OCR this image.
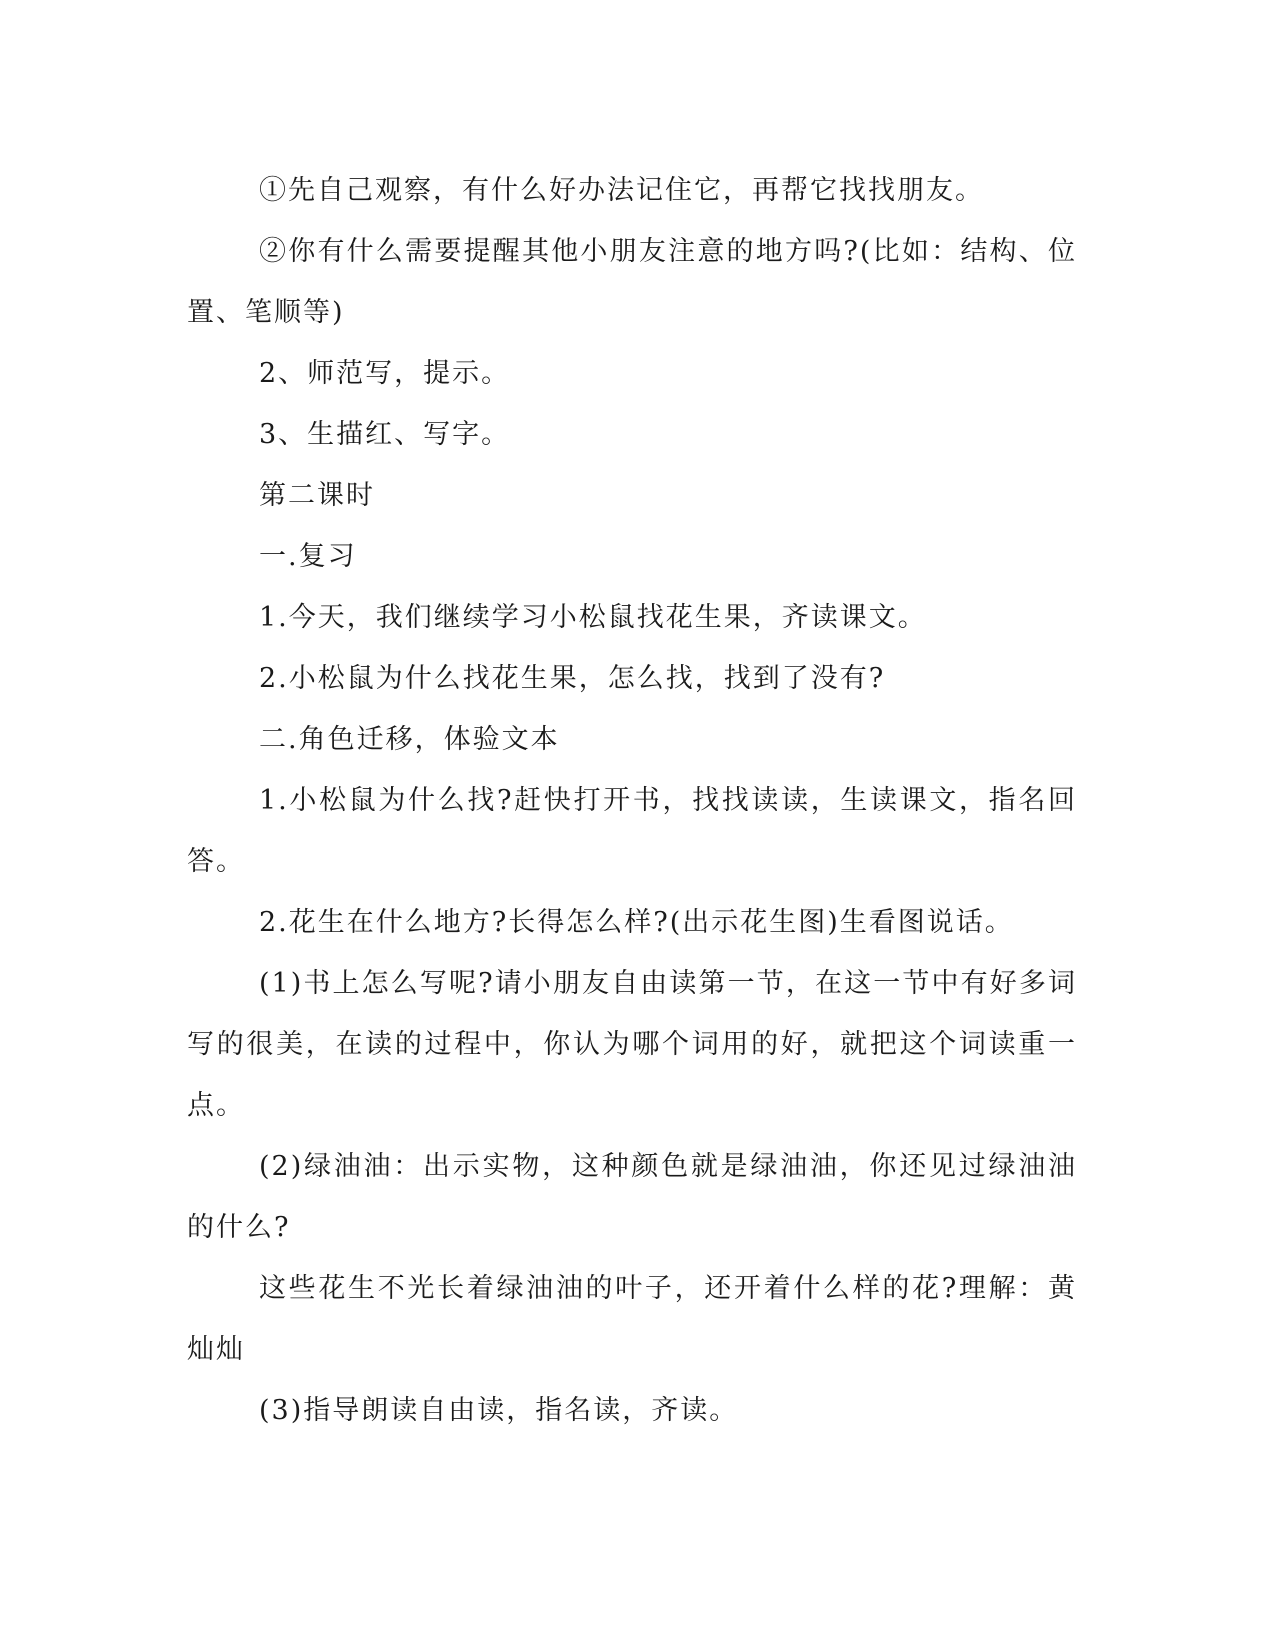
①先自己观察，有什么好办法记住它，再帮它找找朋友。

②你有什么需要提醒其他小朋友注意的地方吗?(比如：结构、位置、笔顺等)

2、师范写，提示。

3、生描红、写字。

第二课时

一.复习

1.今天，我们继续学习小松鼠找花生果，齐读课文。

2.小松鼠为什么找花生果，怎么找，找到了没有?

二.角色迁移，体验文本

1.小松鼠为什么找?赶快打开书，找找读读，生读课文，指名回答。

2.花生在什么地方?长得怎么样?(出示花生图)生看图说话。

(1)书上怎么写呢?请小朋友自由读第一节，在这一节中有好多词写的很美，在读的过程中，你认为哪个词用的好，就把这个词读重一点。

(2)绿油油：出示实物，这种颜色就是绿油油，你还见过绿油油的什么?

这些花生不光长着绿油油的叶子，还开着什么样的花?理解：黄灿灿

(3)指导朗读自由读，指名读，齐读。
